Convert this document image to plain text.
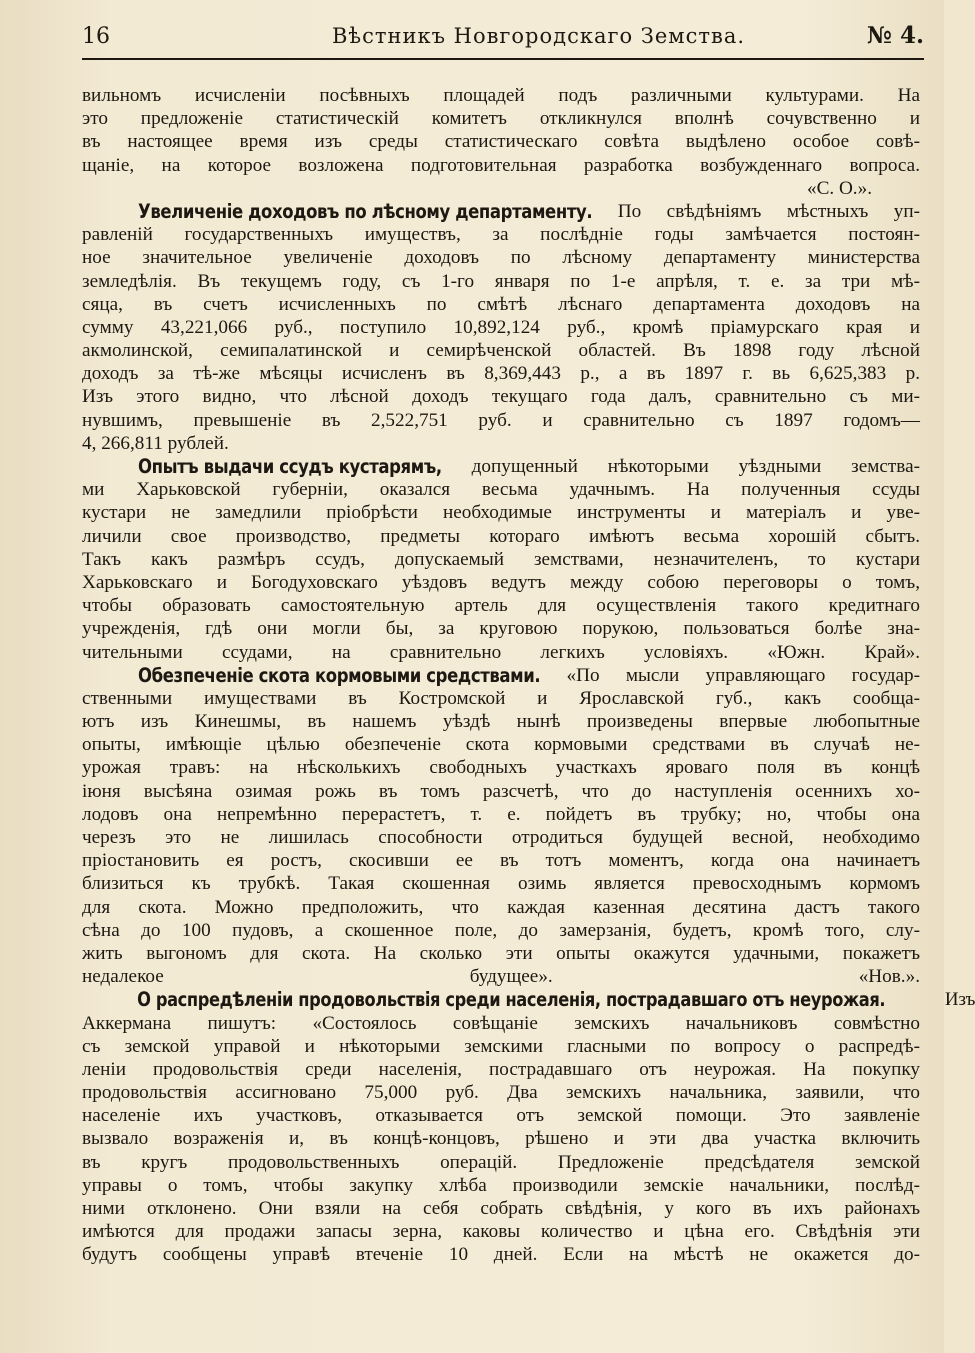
16	Вѣстникъ Новгородскаго Земства.	№ 4.
вильномъ исчисленіи посѣвныхъ площадей подъ различными культурами. На
это предложеніе статистическій комитетъ откликнулся вполнѣ сочувственно и
въ настоящее время изъ среды статистическаго совѣта выдѣлено особое совѣ-
щаніе, на которое возложена подготовительная разработка возбужденнаго вопроса.
«С. О.».
Увеличеніе доходовъ по лѣсному департаменту. По свѣдѣніямъ мѣстныхъ уп-
равленій государственныхъ имуществъ, за послѣдніе годы замѣчается постоян-
ное значительное увеличеніе доходовъ по лѣсному департаменту министерства
земледѣлія. Въ текущемъ году, съ 1-го января по 1-е апрѣля, т. е. за три мѣ-
сяца, въ счетъ исчисленныхъ по смѣтѣ лѣснаго департамента доходовъ на
сумму 43,221,066 руб., поступило 10,892,124 руб., кромѣ пріамурскаго края и
акмолинской, семипалатинской и семирѣченской областей. Въ 1898 году лѣсной
доходъ за тѣ-же мѣсяцы исчисленъ въ 8,369,443 р., а въ 1897 г. вь 6,625,383 р.
Изъ этого видно, что лѣсной доходъ текущаго года далъ, сравнительно съ ми-
нувшимъ, превышеніе въ 2,522,751 руб. и сравнительно съ 1897 годомъ—
4, 266,811 рублей.
Опытъ выдачи ссудъ кустарямъ, допущенный нѣкоторыми уѣздными земства-
ми Харьковской губерніи, оказался весьма удачнымъ. На полученныя ссуды
кустари не замедлили пріобрѣсти необходимые инструменты и матеріалъ и уве-
личили свое производство, предметы котораго имѣютъ весьма хорошій сбытъ.
Такъ какъ размѣръ ссудъ, допускаемый земствами, незначителенъ, то кустари
Харьковскаго и Богодуховскаго уѣздовъ ведутъ между собою переговоры о томъ,
чтобы образовать самостоятельную артель для осуществленія такого кредитнаго
учрежденія, гдѣ они могли бы, за круговою порукою, пользоваться болѣе зна-
чительными ссудами, на сравнительно легкихъ условіяхъ. «Южн. Край».
Обезпеченіе скота кормовыми средствами. «По мысли управляющаго государ-
ственными имуществами въ Костромской и Ярославской губ., какъ сообща-
ютъ изъ Кинешмы, въ нашемъ уѣздѣ нынѣ произведены впервые любопытные
опыты, имѣющіе цѣлью обезпеченіе скота кормовыми средствами въ случаѣ не-
урожая травъ: на нѣсколькихъ свободныхъ участкахъ яроваго поля въ концѣ
іюня высѣяна озимая рожь въ томъ разсчетѣ, что до наступленія осеннихъ хо-
лодовъ она непремѣнно перерастетъ, т. е. пойдетъ въ трубку; но, чтобы она
черезъ это не лишилась способности отродиться будущей весной, необходимо
пріостановить ея ростъ, скосивши ее въ тотъ моментъ, когда она начинаетъ
близиться къ трубкѣ. Такая скошенная озимь является превосходнымъ кормомъ
для скота. Можно предположить, что каждая казенная десятина дастъ такого
сѣна до 100 пудовъ, а скошенное поле, до замерзанія, будетъ, кромѣ того, слу-
жить выгономъ для скота. На сколько эти опыты окажутся удачными, покажетъ
недалекое будущее».	«Нов.».
О распредѣленіи продовольствія среди населенія, пострадавшаго отъ неурожая.	Изъ
Аккермана пишутъ: «Состоялось совѣщаніе земскихъ начальниковъ совмѣстно
съ земской управой и нѣкоторыми земскими гласными по вопросу о распредѣ-
леніи продовольствія среди населенія, пострадавшаго отъ неурожая. На покупку
продовольствія ассигновано 75,000 руб. Два земскихъ начальника, заявили, что
населеніе ихъ участковъ, отказывается отъ земской помощи. Это заявленіе
вызвало возраженія и, въ концѣ-концовъ, рѣшено и эти два участка включить
въ кругъ продовольственныхъ операцій. Предложеніе предсѣдателя земской
управы о томъ, чтобы закупку хлѣба производили земскіе начальники, послѣд-
ними отклонено. Они взяли на себя собрать свѣдѣнія, у кого въ ихъ районахъ
имѣются для продажи запасы зерна, каковы количество и цѣна его. Свѣдѣнія эти
будутъ сообщены управѣ втеченіе 10 дней. Если на мѣстѣ не окажется до-
